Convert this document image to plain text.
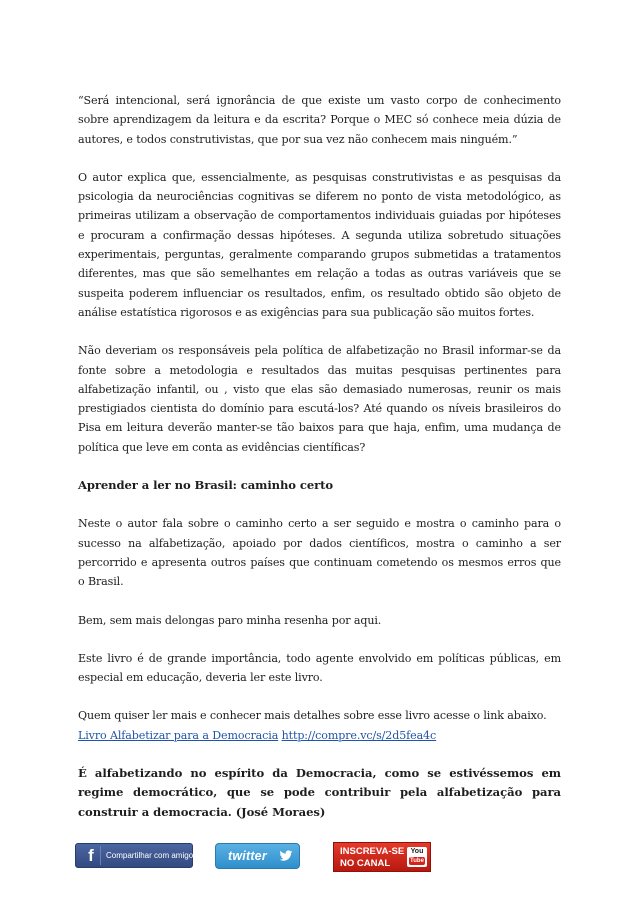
“Será intencional, será ignorância de que existe um vasto corpo de conhecimento sobre aprendizagem da leitura e da escrita? Porque o MEC só conhece meia dúzia de autores, e todos construtivistas, que por sua vez não conhecem mais ninguém.”

O autor explica que, essencialmente, as pesquisas construtivistas e as pesquisas da psicologia da neurociências cognitivas se diferem no ponto de vista metodológico, as primeiras utilizam a observação de comportamentos individuais guiadas por hipóteses e procuram a confirmação dessas hipóteses. A segunda utiliza sobretudo situações experimentais, perguntas, geralmente comparando grupos submetidas a tratamentos diferentes, mas que são semelhantes em relação a todas as outras variáveis que se suspeita poderem influenciar os resultados, enfim, os resultado obtido são objeto de análise estatística rigorosos e as exigências para sua publicação são muitos fortes.

Não deveriam os responsáveis pela política de alfabetização no Brasil informar-se da fonte sobre a metodologia e resultados das muitas pesquisas pertinentes para alfabetização infantil, ou , visto que elas são demasiado numerosas, reunir os mais prestigiados cientista do domínio para escutá-los? Até quando os níveis brasileiros do Pisa em leitura deverão manter-se tão baixos para que haja, enfim, uma mudança de política que leve em conta as evidências científicas?

Aprender a ler no Brasil: caminho certo

Neste o autor fala sobre o caminho certo a ser seguido e mostra o caminho para o sucesso na alfabetização, apoiado por dados científicos, mostra o caminho a ser percorrido e apresenta outros países que continuam cometendo os mesmos erros que o Brasil.

Bem, sem mais delongas paro minha resenha por aqui.

Este livro é de grande importância, todo agente envolvido em políticas públicas, em especial em educação, deveria ler este livro.

Quem quiser ler mais e conhecer mais detalhes sobre esse livro acesse o link abaixo.

Livro Alfabetizar para a Democracia http://compre.vc/s/2d5fea4c

É alfabetizando no espírito da Democracia, como se estivéssemos em regime democrático, que se pode contribuir pela alfabetização para construir a democracia. (José Moraes)

f	Compartilhar com amigos twitter	INSCREVA-SE
NO CANAL
You
Tube
